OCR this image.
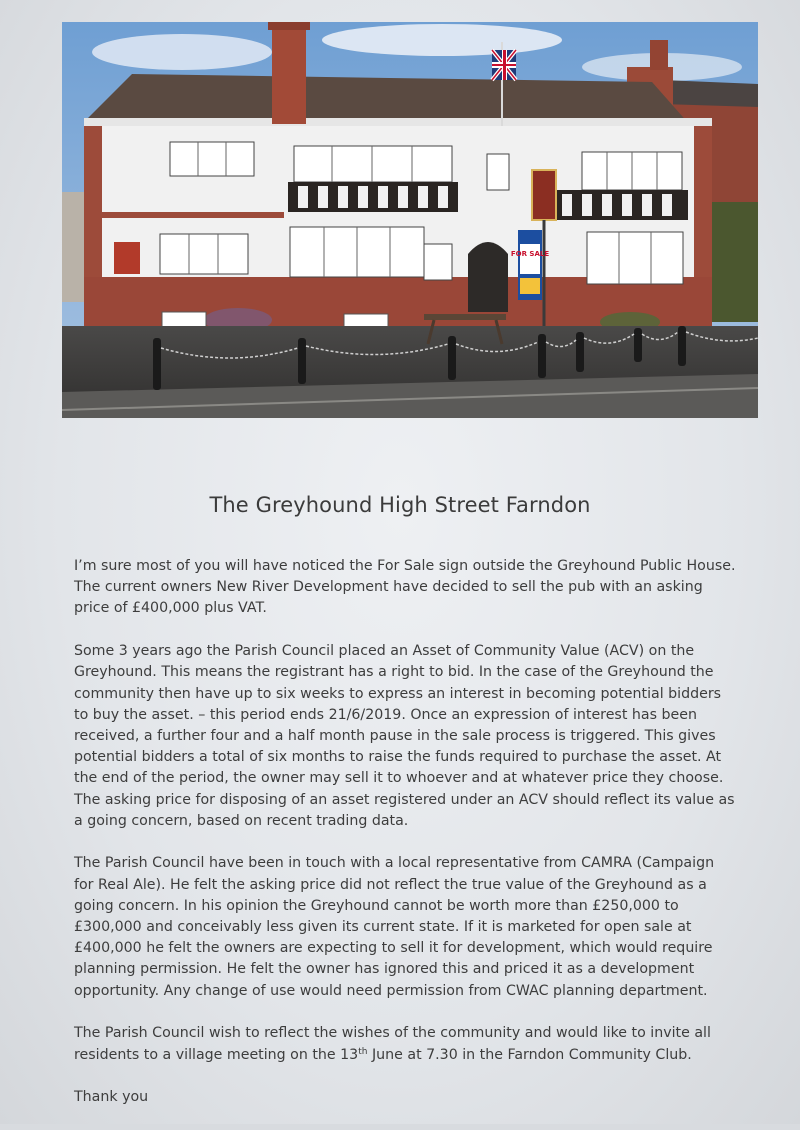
FOR SALE
The Greyhound High Street Farndon

I’m sure most of you will have noticed the For Sale sign outside the Greyhound Public House.
The current owners New River Development have decided to sell the pub with an asking
price of £400,000 plus VAT.

Some 3 years ago the Parish Council placed an Asset of Community Value (ACV) on the
Greyhound. This means the registrant has a right to bid. In the case of the Greyhound the
community then have up to six weeks to express an interest in becoming potential bidders
to buy the asset. – this period ends 21/6/2019. Once an expression of interest has been
received, a further four and a half month pause in the sale process is triggered. This gives
potential bidders a total of six months to raise the funds required to purchase the asset. At
the end of the period, the owner may sell it to whoever and at whatever price they choose.
The asking price for disposing of an asset registered under an ACV should reflect its value as
a going concern, based on recent trading data.

The Parish Council have been in touch with a local representative from CAMRA (Campaign
for Real Ale). He felt the asking price did not reflect the true value of the Greyhound as a
going concern. In his opinion the Greyhound cannot be worth more than £250,000 to
£300,000 and conceivably less given its current state. If it is marketed for open sale at
£400,000 he felt the owners are expecting to sell it for development, which would require
planning permission. He felt the owner has ignored this and priced it as a development
opportunity. Any change of use would need permission from CWAC planning department.

The Parish Council wish to reflect the wishes of the community and would like to invite all
residents to a village meeting on the 13th June at 7.30 in the Farndon Community Club.

Thank you
